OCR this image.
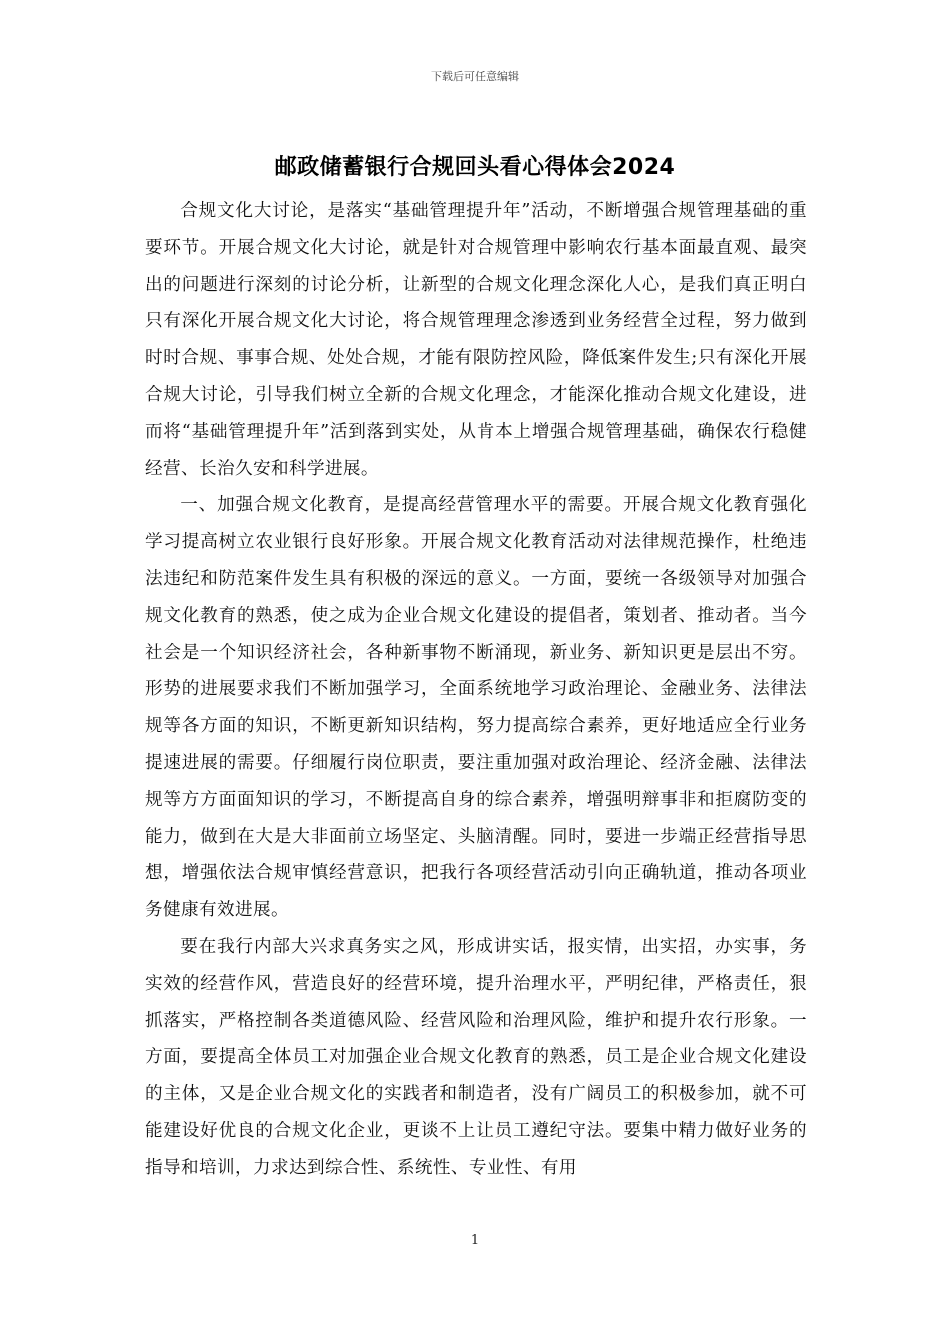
下载后可任意编辑
邮政储蓄银行合规回头看心得体会2024

合规文化大讨论，是落实“基础管理提升年”活动，不断增强合规管理基础的重要环节。开展合规文化大讨论，就是针对合规管理中影响农行基本面最直观、最突出的问题进行深刻的讨论分析，让新型的合规文化理念深化人心，是我们真正明白只有深化开展合规文化大讨论，将合规管理理念渗透到业务经营全过程，努力做到时时合规、事事合规、处处合规，才能有限防控风险，降低案件发生;只有深化开展合规大讨论，引导我们树立全新的合规文化理念，才能深化推动合规文化建设，进而将“基础管理提升年”活到落到实处，从肯本上增强合规管理基础，确保农行稳健经营、长治久安和科学进展。

一、加强合规文化教育，是提高经营管理水平的需要。开展合规文化教育强化学习提高树立农业银行良好形象。开展合规文化教育活动对法律规范操作，杜绝违法违纪和防范案件发生具有积极的深远的意义。一方面，要统一各级领导对加强合规文化教育的熟悉，使之成为企业合规文化建设的提倡者，策划者、推动者。当今社会是一个知识经济社会，各种新事物不断涌现，新业务、新知识更是层出不穷。形势的进展要求我们不断加强学习，全面系统地学习政治理论、金融业务、法律法规等各方面的知识，不断更新知识结构，努力提高综合素养，更好地适应全行业务提速进展的需要。仔细履行岗位职责，要注重加强对政治理论、经济金融、法律法规等方方面面知识的学习，不断提高自身的综合素养，增强明辩事非和拒腐防变的能力，做到在大是大非面前立场坚定、头脑清醒。同时，要进一步端正经营指导思想，增强依法合规审慎经营意识，把我行各项经营活动引向正确轨道，推动各项业务健康有效进展。

要在我行内部大兴求真务实之风，形成讲实话，报实情，出实招，办实事，务实效的经营作风，营造良好的经营环境，提升治理水平，严明纪律，严格责任，狠抓落实，严格控制各类道德风险、经营风险和治理风险，维护和提升农行形象。一方面，要提高全体员工对加强企业合规文化教育的熟悉，员工是企业合规文化建设的主体，又是企业合规文化的实践者和制造者，没有广阔员工的积极参加，就不可能建设好优良的合规文化企业，更谈不上让员工遵纪守法。要集中精力做好业务的指导和培训，力求达到综合性、系统性、专业性、有用

1
